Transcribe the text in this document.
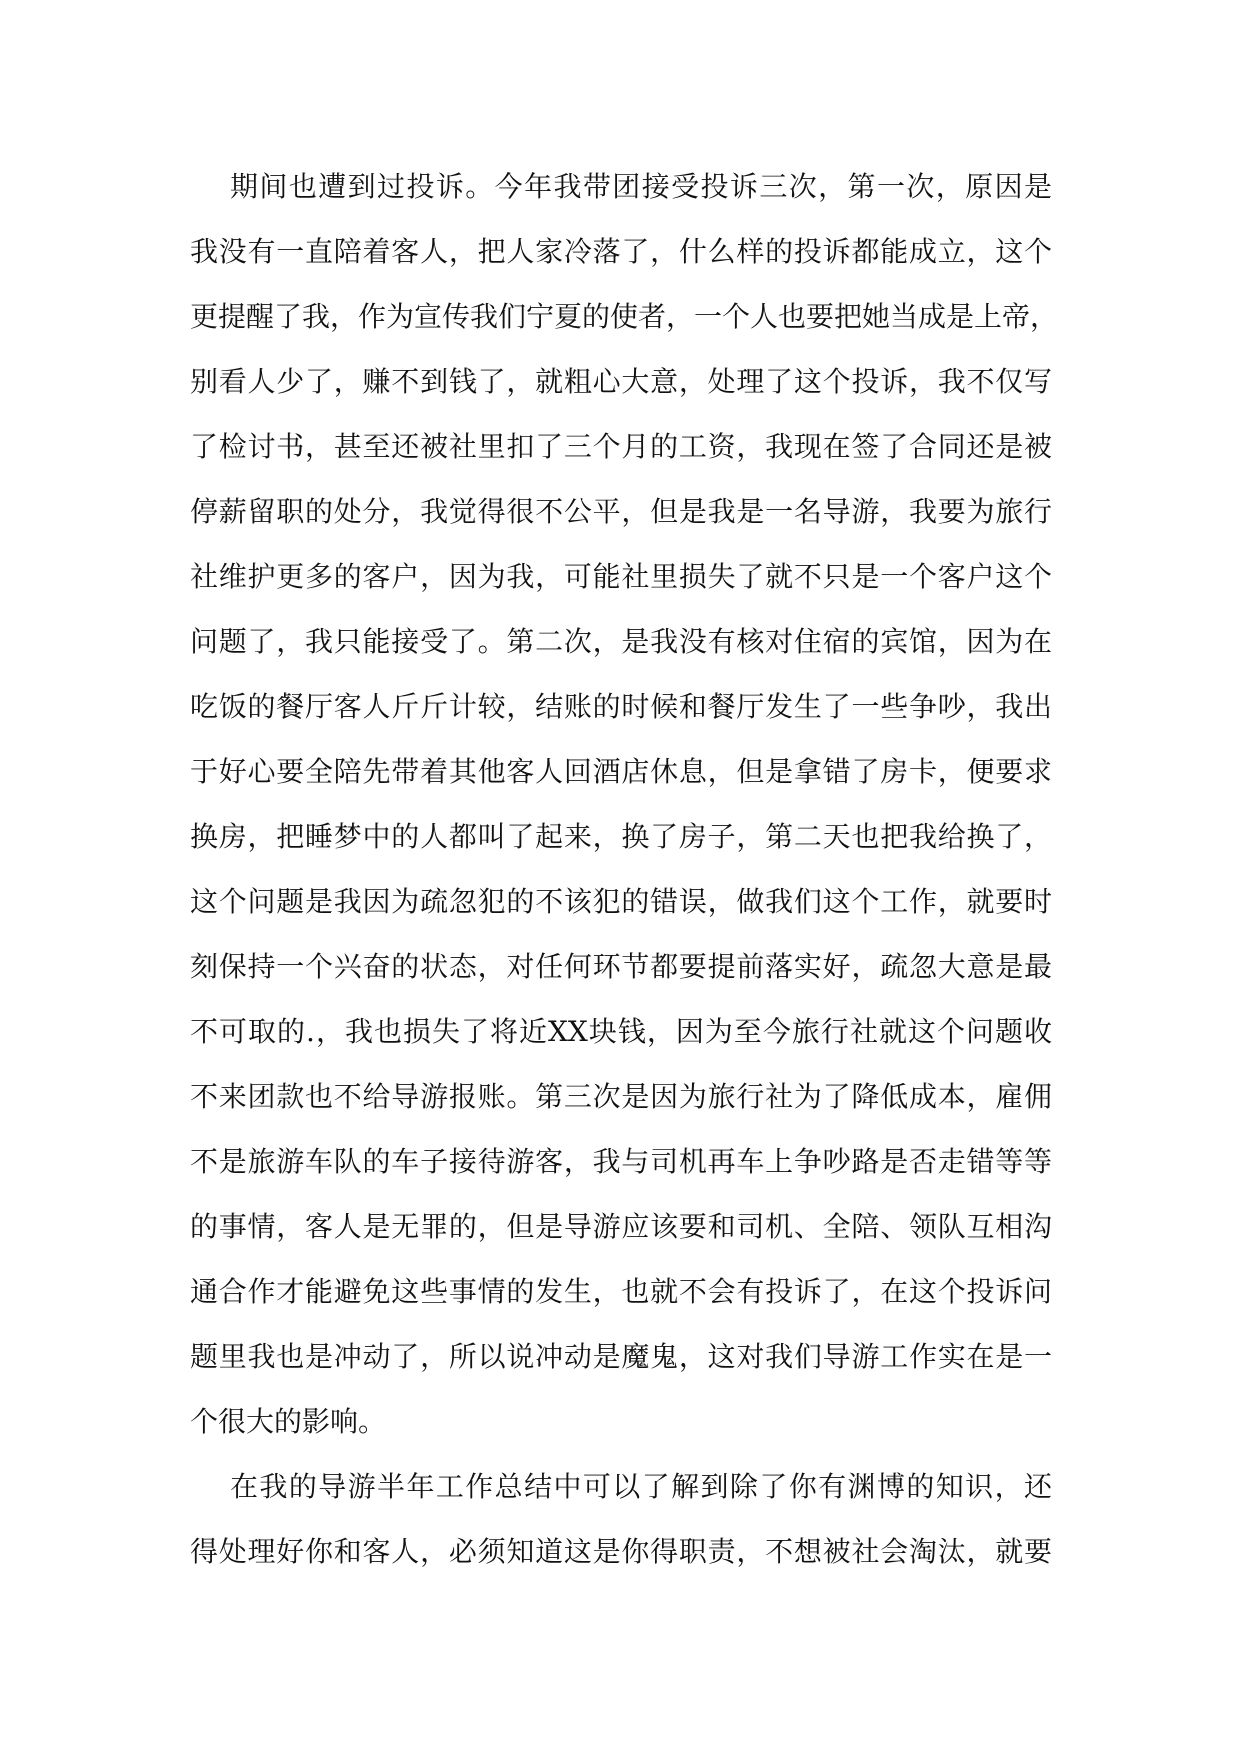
期间也遭到过投诉。今年我带团接受投诉三次，第一次，原因是
我没有一直陪着客人，把人家冷落了，什么样的投诉都能成立，这个
更提醒了我，作为宣传我们宁夏的使者，一个人也要把她当成是上帝，
别看人少了，赚不到钱了，就粗心大意，处理了这个投诉，我不仅写
了检讨书，甚至还被社里扣了三个月的工资，我现在签了合同还是被
停薪留职的处分，我觉得很不公平，但是我是一名导游，我要为旅行
社维护更多的客户，因为我，可能社里损失了就不只是一个客户这个
问题了，我只能接受了。第二次，是我没有核对住宿的宾馆，因为在
吃饭的餐厅客人斤斤计较，结账的时候和餐厅发生了一些争吵，我出
于好心要全陪先带着其他客人回酒店休息，但是拿错了房卡，便要求
换房，把睡梦中的人都叫了起来，换了房子，第二天也把我给换了，
这个问题是我因为疏忽犯的不该犯的错误，做我们这个工作，就要时
刻保持一个兴奋的状态，对任何环节都要提前落实好，疏忽大意是最
不可取的.，我也损失了将近XX块钱，因为至今旅行社就这个问题收
不来团款也不给导游报账。第三次是因为旅行社为了降低成本，雇佣
不是旅游车队的车子接待游客，我与司机再车上争吵路是否走错等等
的事情，客人是无罪的，但是导游应该要和司机、全陪、领队互相沟
通合作才能避免这些事情的发生，也就不会有投诉了，在这个投诉问
题里我也是冲动了，所以说冲动是魔鬼，这对我们导游工作实在是一
个很大的影响。
在我的导游半年工作总结中可以了解到除了你有渊博的知识，还
得处理好你和客人，必须知道这是你得职责，不想被社会淘汰，就要
